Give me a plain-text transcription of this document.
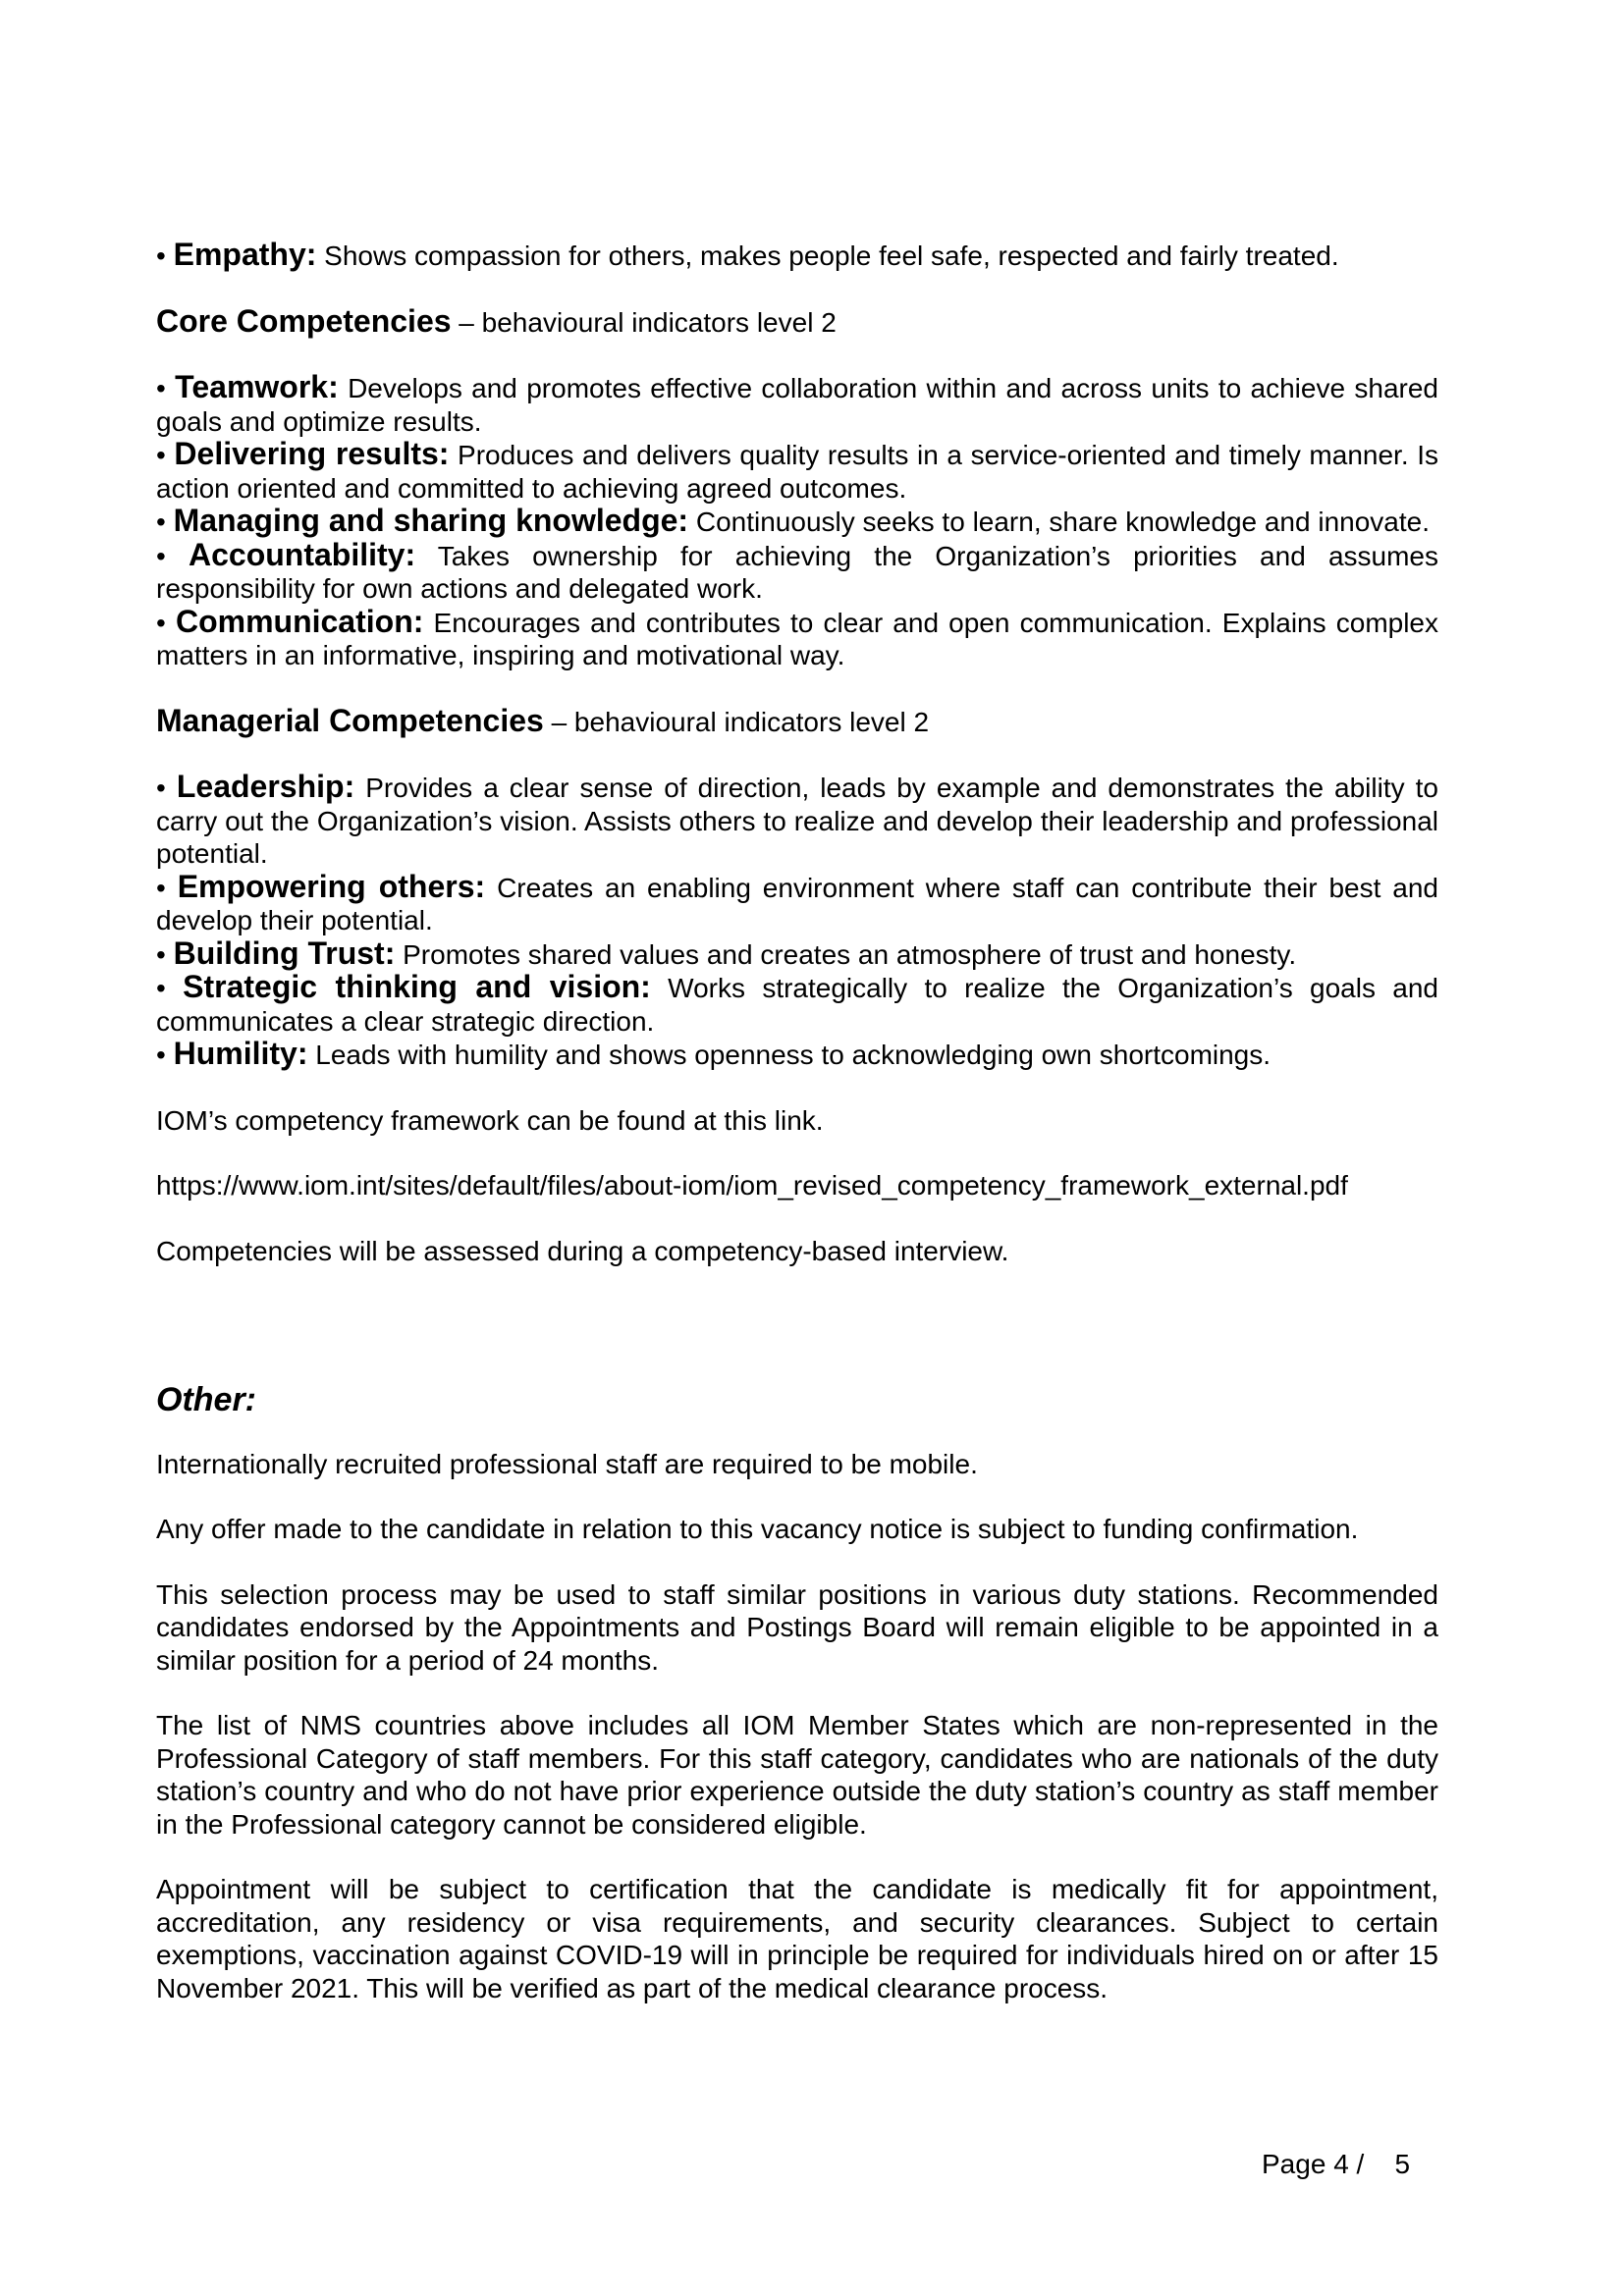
• Empathy: Shows compassion for others, makes people feel safe, respected and fairly treated.

Core Competencies – behavioural indicators level 2

• Teamwork: Develops and promotes effective collaboration within and across units to achieve shared goals and optimize results.

• Delivering results: Produces and delivers quality results in a service-oriented and timely manner. Is action oriented and committed to achieving agreed outcomes.

• Managing and sharing knowledge: Continuously seeks to learn, share knowledge and innovate.

• Accountability: Takes ownership for achieving the Organization’s priorities and assumes responsibility for own actions and delegated work.

• Communication: Encourages and contributes to clear and open communication. Explains complex matters in an informative, inspiring and motivational way.

Managerial Competencies – behavioural indicators level 2

• Leadership: Provides a clear sense of direction, leads by example and demonstrates the ability to carry out the Organization’s vision. Assists others to realize and develop their leadership and professional potential.

• Empowering others: Creates an enabling environment where staff can contribute their best and develop their potential.

• Building Trust: Promotes shared values and creates an atmosphere of trust and honesty.

• Strategic thinking and vision: Works strategically to realize the Organization’s goals and communicates a clear strategic direction.

• Humility: Leads with humility and shows openness to acknowledging own shortcomings.

IOM’s competency framework can be found at this link.

https://www.iom.int/sites/default/files/about-iom/iom_revised_competency_framework_external.pdf

Competencies will be assessed during a competency-based interview.

Other:

Internationally recruited professional staff are required to be mobile.

Any offer made to the candidate in relation to this vacancy notice is subject to funding confirmation.

This selection process may be used to staff similar positions in various duty stations. Recommended candidates endorsed by the Appointments and Postings Board will remain eligible to be appointed in a similar position for a period of 24 months.

The list of NMS countries above includes all IOM Member States which are non-represented in the Professional Category of staff members. For this staff category, candidates who are nationals of the duty station’s country and who do not have prior experience outside the duty station’s country as staff member in the Professional category cannot be considered eligible.

Appointment will be subject to certification that the candidate is medically fit for appointment, accreditation, any residency or visa requirements, and security clearances. Subject to certain exemptions, vaccination against COVID-19 will in principle be required for individuals hired on or after 15 November 2021. This will be verified as part of the medical clearance process.

Page 4 / 5
